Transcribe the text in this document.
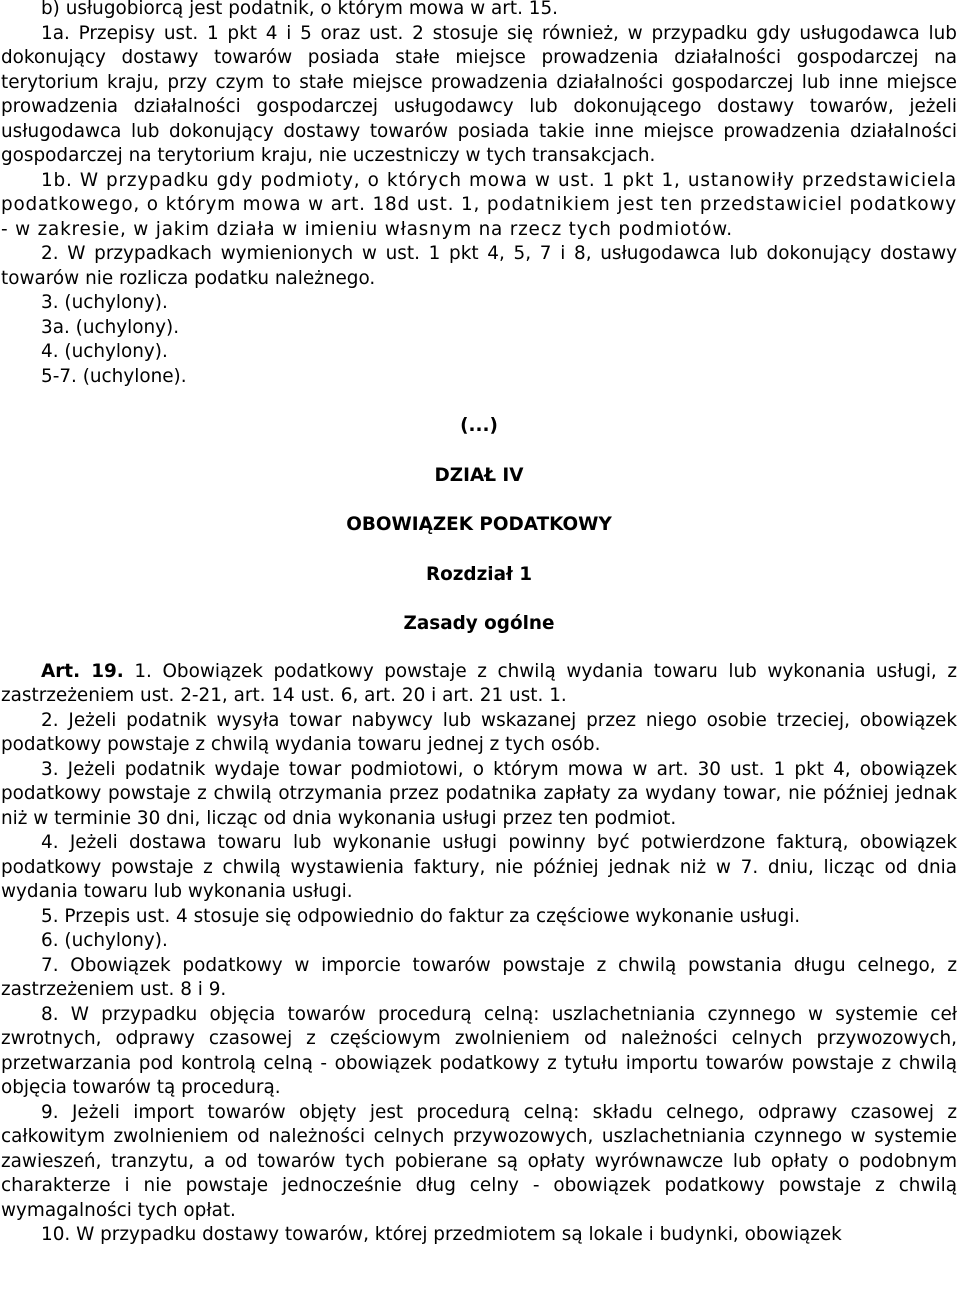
b) usługobiorcą jest podatnik, o którym mowa w art. 15.

1a. Przepisy ust. 1 pkt 4 i 5 oraz ust. 2 stosuje się również, w przypadku gdy usługodawca lub dokonujący dostawy towarów posiada stałe miejsce prowadzenia działalności gospodarczej na terytorium kraju, przy czym to stałe miejsce prowadzenia działalności gospodarczej lub inne miejsce prowadzenia działalności gospodarczej usługodawcy lub dokonującego dostawy towarów, jeżeli usługodawca lub dokonujący dostawy towarów posiada takie inne miejsce prowadzenia działalności gospodarczej na terytorium kraju, nie uczestniczy w tych transakcjach.

1b. W przypadku gdy podmioty, o których mowa w ust. 1 pkt 1, ustanowiły przedstawiciela podatkowego, o którym mowa w art. 18d ust. 1, podatnikiem jest ten przedstawiciel podatkowy - w zakresie, w jakim działa w imieniu własnym na rzecz tych podmiotów.

2. W przypadkach wymienionych w ust. 1 pkt 4, 5, 7 i 8, usługodawca lub dokonujący dostawy towarów nie rozlicza podatku należnego.

3. (uchylony).

3a. (uchylony).

4. (uchylony).

5-7. (uchylone).

(...)

DZIAŁ IV

OBOWIĄZEK PODATKOWY

Rozdział 1

Zasady ogólne

Art. 19. 1. Obowiązek podatkowy powstaje z chwilą wydania towaru lub wykonania usługi, z zastrzeżeniem ust. 2-21, art. 14 ust. 6, art. 20 i art. 21 ust. 1.

2. Jeżeli podatnik wysyła towar nabywcy lub wskazanej przez niego osobie trzeciej, obowiązek podatkowy powstaje z chwilą wydania towaru jednej z tych osób.

3. Jeżeli podatnik wydaje towar podmiotowi, o którym mowa w art. 30 ust. 1 pkt 4, obowiązek podatkowy powstaje z chwilą otrzymania przez podatnika zapłaty za wydany towar, nie później jednak niż w terminie 30 dni, licząc od dnia wykonania usługi przez ten podmiot.

4. Jeżeli dostawa towaru lub wykonanie usługi powinny być potwierdzone fakturą, obowiązek podatkowy powstaje z chwilą wystawienia faktury, nie później jednak niż w 7. dniu, licząc od dnia wydania towaru lub wykonania usługi.

5. Przepis ust. 4 stosuje się odpowiednio do faktur za częściowe wykonanie usługi.

6. (uchylony).

7. Obowiązek podatkowy w imporcie towarów powstaje z chwilą powstania długu celnego, z zastrzeżeniem ust. 8 i 9.

8. W przypadku objęcia towarów procedurą celną: uszlachetniania czynnego w systemie ceł zwrotnych, odprawy czasowej z częściowym zwolnieniem od należności celnych przywozowych, przetwarzania pod kontrolą celną - obowiązek podatkowy z tytułu importu towarów powstaje z chwilą objęcia towarów tą procedurą.

9. Jeżeli import towarów objęty jest procedurą celną: składu celnego, odprawy czasowej z całkowitym zwolnieniem od należności celnych przywozowych, uszlachetniania czynnego w systemie zawieszeń, tranzytu, a od towarów tych pobierane są opłaty wyrównawcze lub opłaty o podobnym charakterze i nie powstaje jednocześnie dług celny - obowiązek podatkowy powstaje z chwilą wymagalności tych opłat.

10. W przypadku dostawy towarów, której przedmiotem są lokale i budynki, obowiązek
